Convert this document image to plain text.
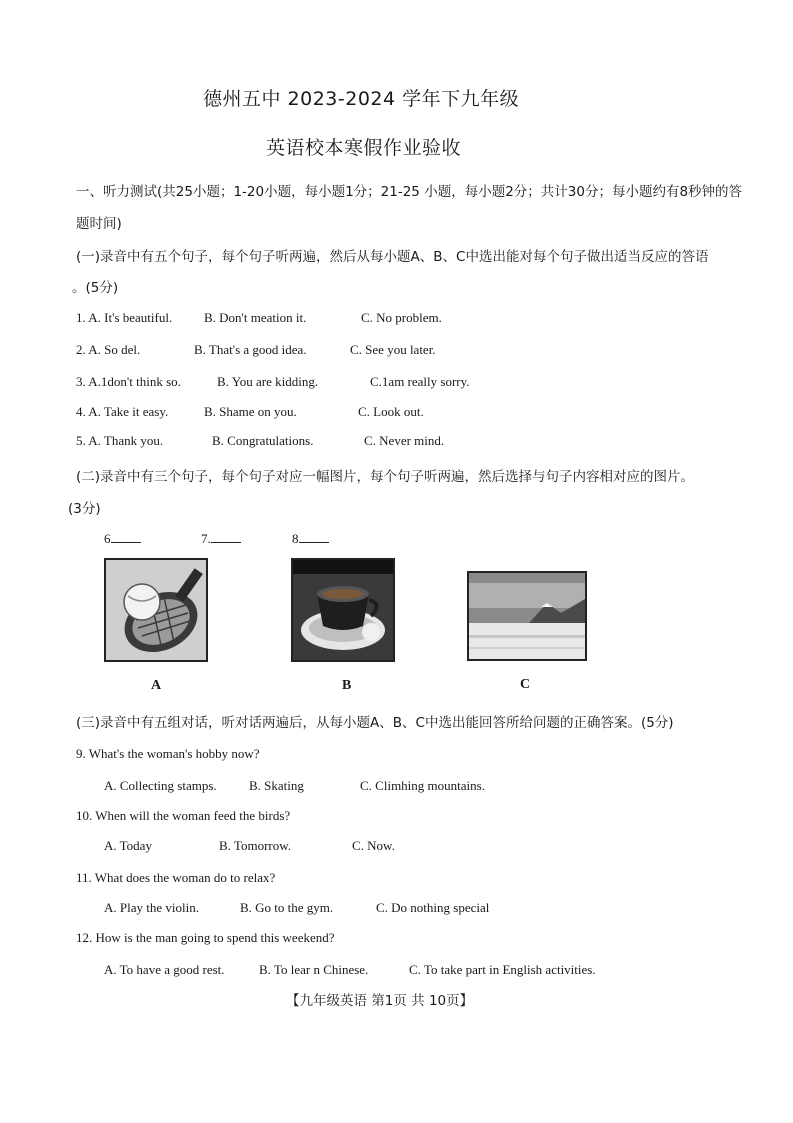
德州五中 2023-2024 学年下九年级
英语校本寒假作业验收
一、听力测试(共25小题；1-20小题，每小题1分；21-25 小题，每小题2分；共计30分；每小题约有8秒钟的答
题时间)
(一)录音中有五个句子，每个句子听两遍，然后从每小题A、B、C中选出能对每个句子做出适当反应的答语
。(5分)
1. A. It's beautiful. B. Don't meation it.	C. No problem.
2. A. So del.	B. That's a good idea.	C. See you later.
3. A.1don't think so.	B. You are kidding.	C.1am really sorry.
4. A. Take it easy.	B. Shame on you.	C. Look out.
5. A. Thank you.	B. Congratulations.	C. Never mind.
(二)录音中有三个句子，每个句子对应一幅图片，每个句子听两遍，然后选择与句子内容相对应的图片。
(3分)
6	7.	8
A	B	C
(三)录音中有五组对话，听对话两遍后，从每小题A、B、C中选出能回答所给问题的正确答案。(5分)
9. What's the woman's hobby now?
A. Collecting stamps. B. Skating	C. Climhing mountains.
10. When will the woman feed the birds?
A. Today	B. Tomorrow.	C. Now.
11. What does the woman do to relax?
A. Play the violin.	B. Go to the gym.	C. Do nothing special
12. How is the man going to spend this weekend?
A. To have a good rest.	B. To lear n Chinese.	C. To take part in English activities.
【九年级英语 第1页 共 10页】
